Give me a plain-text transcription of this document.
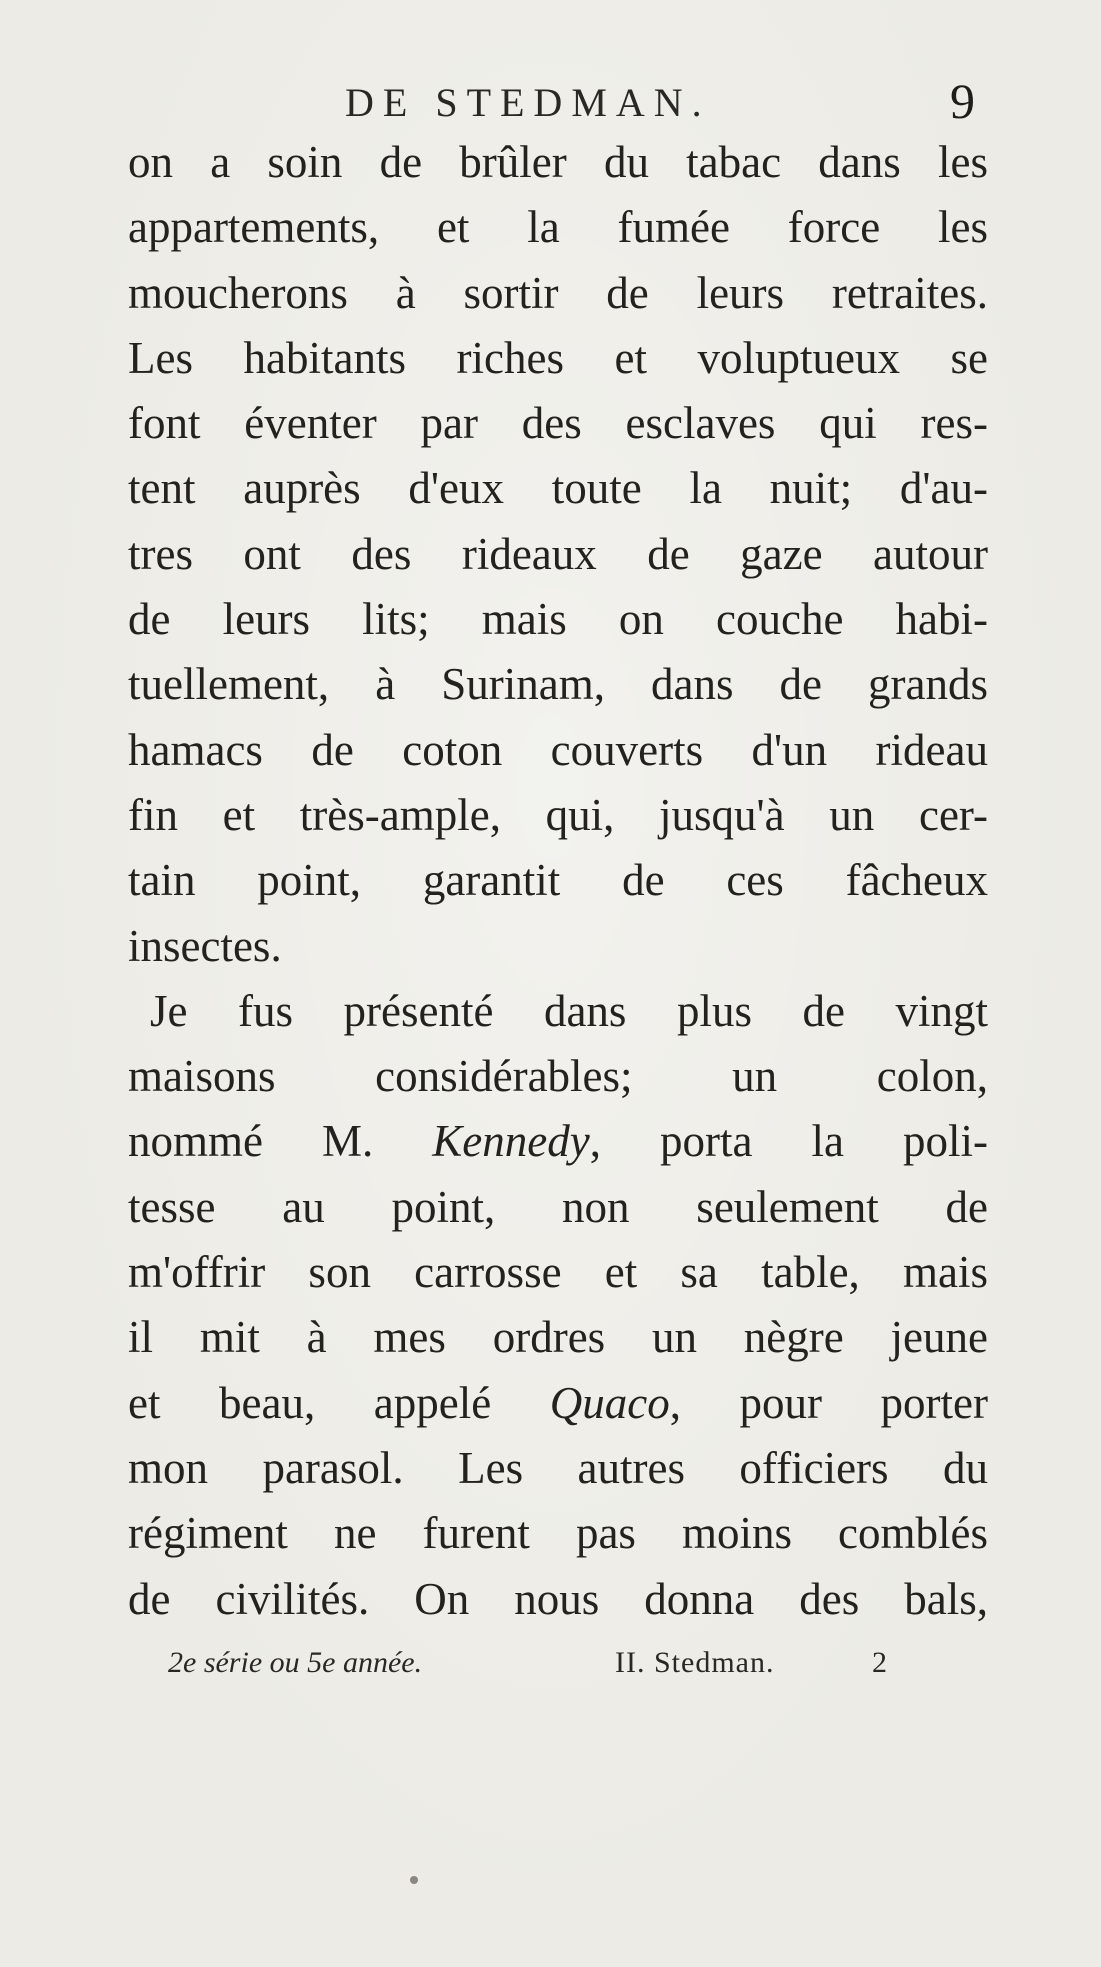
DE STEDMAN.	9
on a soin de brûler du tabac dans les
appartements, et la fumée force les
moucherons à sortir de leurs retraites.
Les habitants riches et voluptueux se
font éventer par des esclaves qui res-
tent auprès d'eux toute la nuit; d'au-
tres ont des rideaux de gaze autour
de leurs lits; mais on couche habi-
tuellement, à Surinam, dans de grands
hamacs de coton couverts d'un rideau
fin et très-ample, qui, jusqu'à un cer-
tain point, garantit de ces fâcheux
insectes.
Je fus présenté dans plus de vingt
maisons considérables; un colon,
nommé M. Kennedy, porta la poli-
tesse au point, non seulement de
m'offrir son carrosse et sa table, mais
il mit à mes ordres un nègre jeune
et beau, appelé Quaco, pour porter
mon parasol. Les autres officiers du
régiment ne furent pas moins comblés
de civilités. On nous donna des bals,
2e série ou 5e année.	II. Stedman.	2
